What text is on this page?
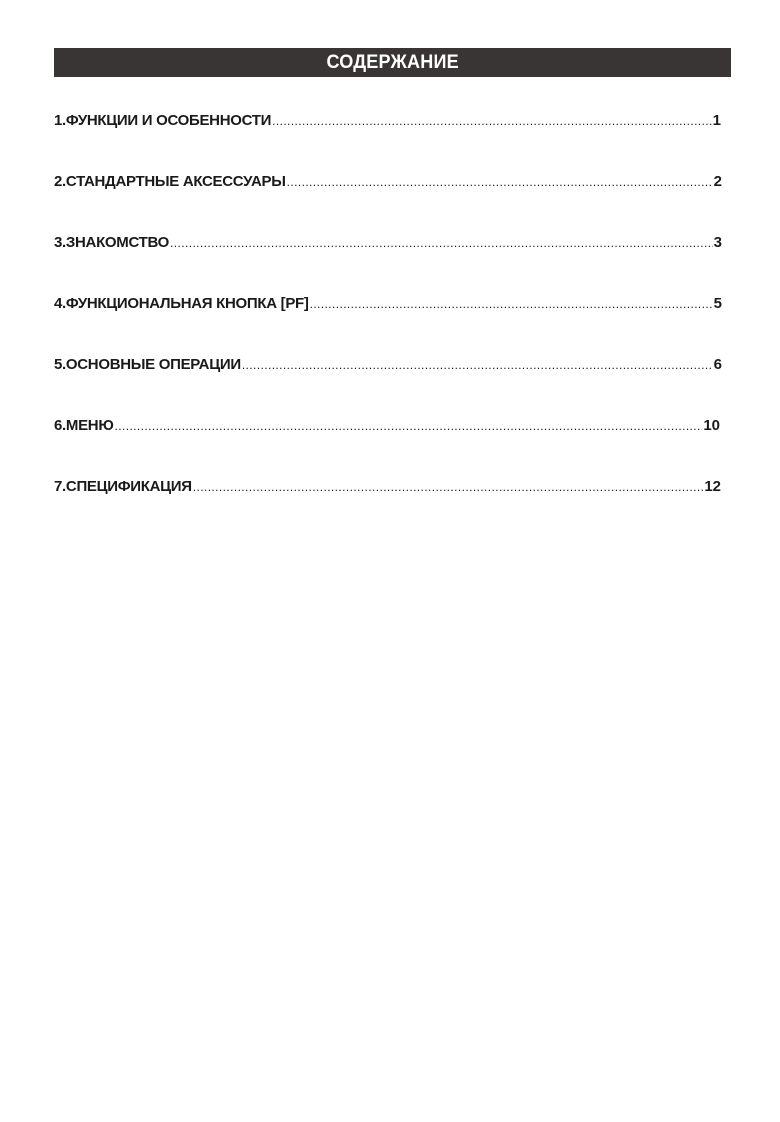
СОДЕРЖАНИЕ
1.ФУНКЦИИ И ОСОБЕННОСТИ .....	1
2.СТАНДАРТНЫЕ АКСЕССУАРЫ .....	2
3.ЗНАКОМСТВО .....	3
4.ФУНКЦИОНАЛЬНАЯ КНОПКА [PF] .....	5
5.ОСНОВНЫЕ ОПЕРАЦИИ .....	6
6.МЕНЮ .....	10
7.СПЕЦИФИКАЦИЯ .....	12
